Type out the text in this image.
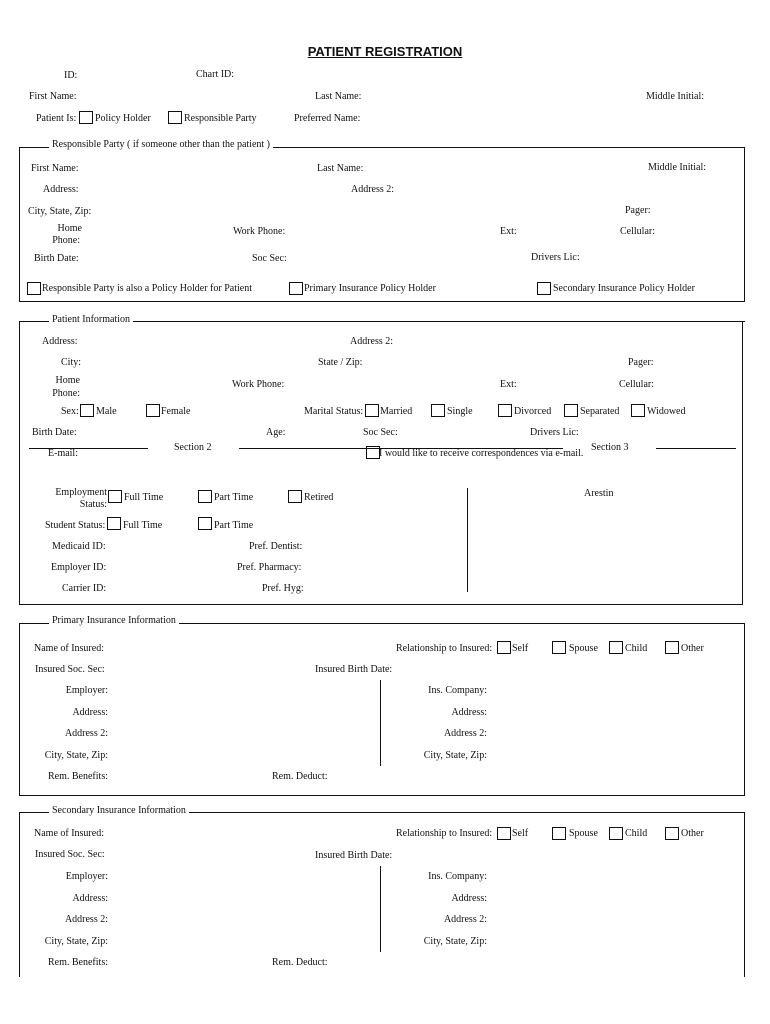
PATIENT REGISTRATION
ID:	Chart ID:
First Name:	Last Name:	Middle Initial:
Patient Is: Policy Holder	Responsible Party	Preferred Name:
Responsible Party ( if someone other than the patient )
First Name:	Last Name:	Middle Initial:
Address:	Address 2:
City, State, Zip:	Pager:
Home
Phone:
Work Phone:	Ext:	Cellular:
Birth Date:	Soc Sec:	Drivers Lic:
Responsible Party is also a Policy Holder for Patient	Primary Insurance Policy Holder	Secondary Insurance Policy Holder
Patient Information
Address:	Address 2:
City:	State / Zip:	Pager:
Home
Phone:
Work Phone:	Ext:	Cellular:
Sex: Male	Female	Marital Status: Married	Single	Divorced	Separated	Widowed
Birth Date:	Age:	Soc Sec:	Drivers Lic:
E-mail:	I would like to receive correspondences via e-mail.
Section 2	Section 3
Employment
Status:
Full Time	Part Time	Retired	Arestin
Student Status: Full Time	Part Time
Medicaid ID:	Pref. Dentist:
Employer ID:	Pref. Pharmacy:
Carrier ID:	Pref. Hyg:
Primary Insurance Information
Name of Insured:	Relationship to Insured: Self	Spouse	Child	Other
Insured Soc. Sec:	Insured Birth Date:
Employer:	Ins. Company:
Address:	Address:
Address 2:	Address 2:
City, State, Zip:	City, State, Zip:
Rem. Benefits:	Rem. Deduct:
Secondary Insurance Information
Name of Insured:	Relationship to Insured: Self	Spouse	Child	Other
Insured Soc. Sec:	Insured Birth Date:
Employer:	Ins. Company:
Address:	Address:
Address 2:	Address 2:
City, State, Zip:	City, State, Zip:
Rem. Benefits:	Rem. Deduct:
